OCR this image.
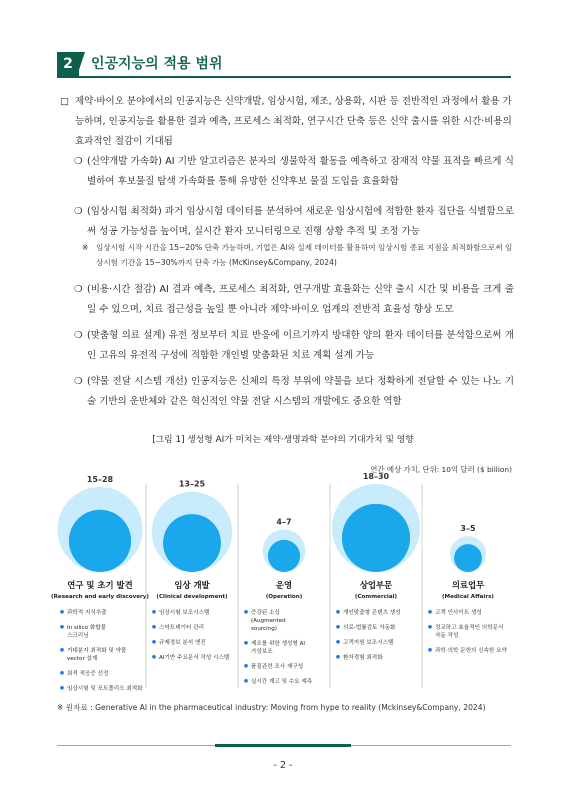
2	인공지능의 적용 범위
□ 제약·바이오 분야에서의 인공지능은 신약개발, 임상시험, 제조, 상용화, 시판 등 전반적인 과정에서 활용 가능하며, 인공지능을 활용한 결과 예측, 프로세스 최적화, 연구시간 단축 등은 신약 출시를 위한 시간·비용의 효과적인 절감이 기대됨
❍ (신약개발 가속화) AI 기반 알고리즘은 분자의 생물학적 활동을 예측하고 잠재적 약물 표적을 빠르게 식별하여 후보물질 탐색 가속화를 통해 유망한 신약후보 물질 도입을 효율화함
❍ (임상시험 최적화) 과거 임상시험 데이터를 분석하여 새로운 임상시험에 적합한 환자 집단을 식별함으로써 성공 가능성을 높이며, 실시간 환자 모니터링으로 진행 상황 추적 및 조정 가능
※	임상시험 시작 시간을 15~20% 단축 가능하며, 기업은 AI와 실제 데이터를 활용하여 임상시험 종료 지점을 최적화함으로써 임상시험 기간을 15~30%까지 단축 가능 (McKinsey&Company, 2024)
❍ (비용·시간 절감) AI 결과 예측, 프로세스 최적화, 연구개발 효율화는 신약 출시 시간 및 비용을 크게 줄일 수 있으며, 치료 접근성을 높일 뿐 아니라 제약·바이오 업계의 전반적 효율성 향상 도모
❍ (맞춤형 의료 설계) 유전 정보부터 치료 반응에 이르기까지 방대한 양의 환자 데이터를 분석함으로써 개인 고유의 유전적 구성에 적합한 개인별 맞춤화된 치료 계획 설계 가능
❍ (약물 전달 시스템 개선) 인공지능은 신체의 특정 부위에 약물을 보다 정확하게 전달할 수 있는 나노 기술 기반의 운반체와 같은 혁신적인 약물 전달 시스템의 개발에도 중요한 역할
[그림 1] 생성형 AI가 미치는 제약·생명과학 분야의 기대가치 및 영향
연간 예상 가치, 단위: 10억 달러 ($ billion)
15–28
연구 및 초기 발견
(Research and early discovery)
과학적 지식추출
In silico 화합물
스크리닝
거대분자 최적화 및 약물
vector 설계
최적 적응증 선정
임상시험 및 포트폴리오 최적화
13–25
임상 개발
(Clinical development)
임상시험 보조시스템
스마트데이터 관리
규제정보 분석 엔진
AI기반 주요문서 작성 시스템
4–7
운영
(Operation)
증강된 소싱
(Augmented
sourcing)
제조를 위한 생성형 AI
가상보조
품질관련 조사 재구성
실시간 재고 및 수요 예측
18–30
상업부문
(Commercial)
개인맞춤형 콘텐츠 생성
의료-법률검토 자동화
고객지원 보조시스템
환자경험 최적화
3–5
의료업무
(Medical Affairs)
고객 인사이트 생성
정교하고 효율적인 의학문서
자동 작성
과학·의학 문헌의 신속한 요약
※ 원자료 : Generative AI in the pharmaceutical industry: Moving from hype to reality (Mckinsey&Company, 2024)
- 2 -
